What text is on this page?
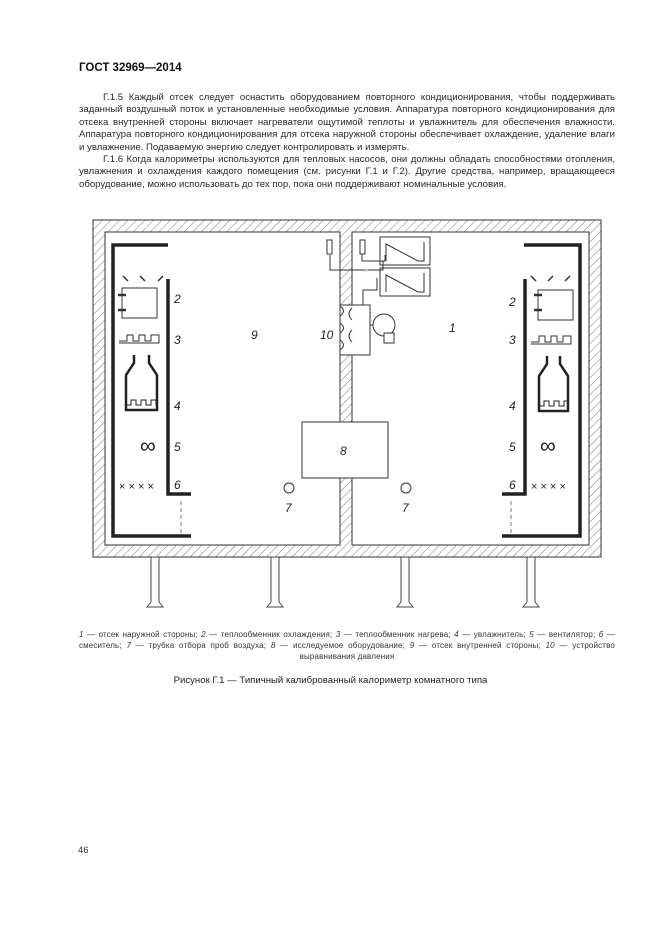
ГОСТ 32969—2014

Г.1.5 Каждый отсек следует оснастить оборудованием повторного кондиционирования, чтобы поддерживать заданный воздушный поток и установленные необходимые условия. Аппаратура повторного кондиционирования для отсека внутренней стороны включает нагреватели ощутимой теплоты и увлажнитель для обеспечения влажности. Аппаратура повторного кондиционирования для отсека наружной стороны обеспечивает охлаждение, удаление влаги и увлажнение. Подаваемую энергию следует контролировать и измерять.

Г.1.6 Когда калориметры используются для тепловых насосов, они должны обладать способностями отопления, увлажнения и охлаждения каждого помещения (см. рисунки Г.1 и Г.2). Другие средства, например, вращающееся оборудование, можно использовать до тех пор, пока они поддерживают номинальные условия.

8
∞
× × × ×
2
3
4
5
6
∞
× × × ×
2
3
4
5
6
10
7	7
9	1
1 — отсек наружной стороны; 2 — теплообменник охлаждения; 3 — теплообменник нагрева; 4 — увлажнитель; 5 — вентилятор; 6 — смеситель; 7 — трубка отбора проб воздуха; 8 — исследуемое оборудование; 9 — отсек внутренней стороны; 10 — устройство выравнивания давления
Рисунок Г.1 — Типичный калиброванный калориметр комнатного типа
46
